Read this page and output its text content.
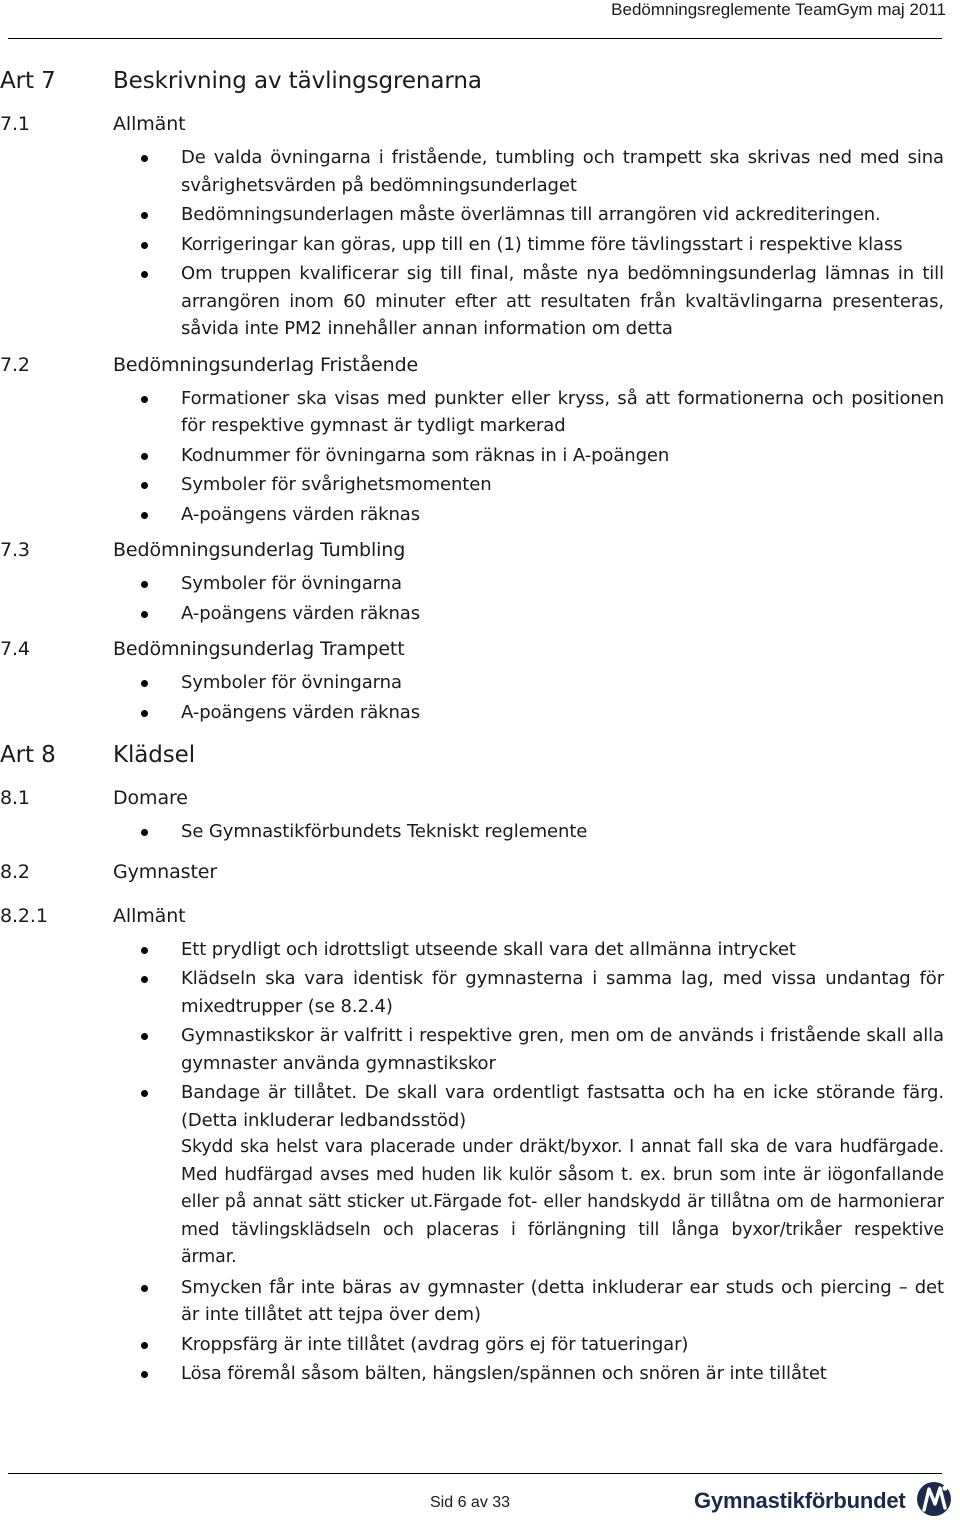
Bedömningsreglemente TeamGym maj 2011
Art 7 Beskrivning av tävlingsgrenarna
7.1	Allmänt
De valda övningarna i fristående, tumbling och trampett ska skrivas ned med sina svårighetsvärden på bedömningsunderlaget
Bedömningsunderlagen måste överlämnas till arrangören vid ackrediteringen.
Korrigeringar kan göras, upp till en (1) timme före tävlingsstart i respektive klass
Om truppen kvalificerar sig till final, måste nya bedömningsunderlag lämnas in till arrangören inom 60 minuter efter att resultaten från kvaltävlingarna presenteras, såvida inte PM2 innehåller annan information om detta
7.2	Bedömningsunderlag Fristående
Formationer ska visas med punkter eller kryss, så att formationerna och positionen för respektive gymnast är tydligt markerad
Kodnummer för övningarna som räknas in i A-poängen
Symboler för svårighetsmomenten
A-poängens värden räknas
7.3	Bedömningsunderlag Tumbling
Symboler för övningarna
A-poängens värden räknas
7.4	Bedömningsunderlag Trampett
Symboler för övningarna
A-poängens värden räknas
Art 8 Klädsel
8.1	Domare
Se Gymnastikförbundets Tekniskt reglemente
8.2	Gymnaster
8.2.1	Allmänt
Ett prydligt och idrottsligt utseende skall vara det allmänna intrycket
Klädseln ska vara identisk för gymnasterna i samma lag, med vissa undantag för mixedtrupper (se 8.2.4)
Gymnastikskor är valfritt i respektive gren, men om de används i fristående skall alla gymnaster använda gymnastikskor
Bandage är tillåtet. De skall vara ordentligt fastsatta och ha en icke störande färg. (Detta inkluderar ledbandsstöd)
Skydd ska helst vara placerade under dräkt/byxor. I annat fall ska de vara hudfärgade. Med hudfärgad avses med huden lik kulör såsom t. ex. brun som inte är iögonfallande eller på annat sätt sticker ut.Färgade fot- eller handskydd är tillåtna om de harmonierar med tävlingsklädseln och placeras i förlängning till långa byxor/trikåer respektive ärmar.
Smycken får inte bäras av gymnaster (detta inkluderar ear studs och piercing – det är inte tillåtet att tejpa över dem)
Kroppsfärg är inte tillåtet (avdrag görs ej för tatueringar)
Lösa föremål såsom bälten, hängslen/spännen och snören är inte tillåtet
Sid 6 av 33	Gymnastikförbundet
